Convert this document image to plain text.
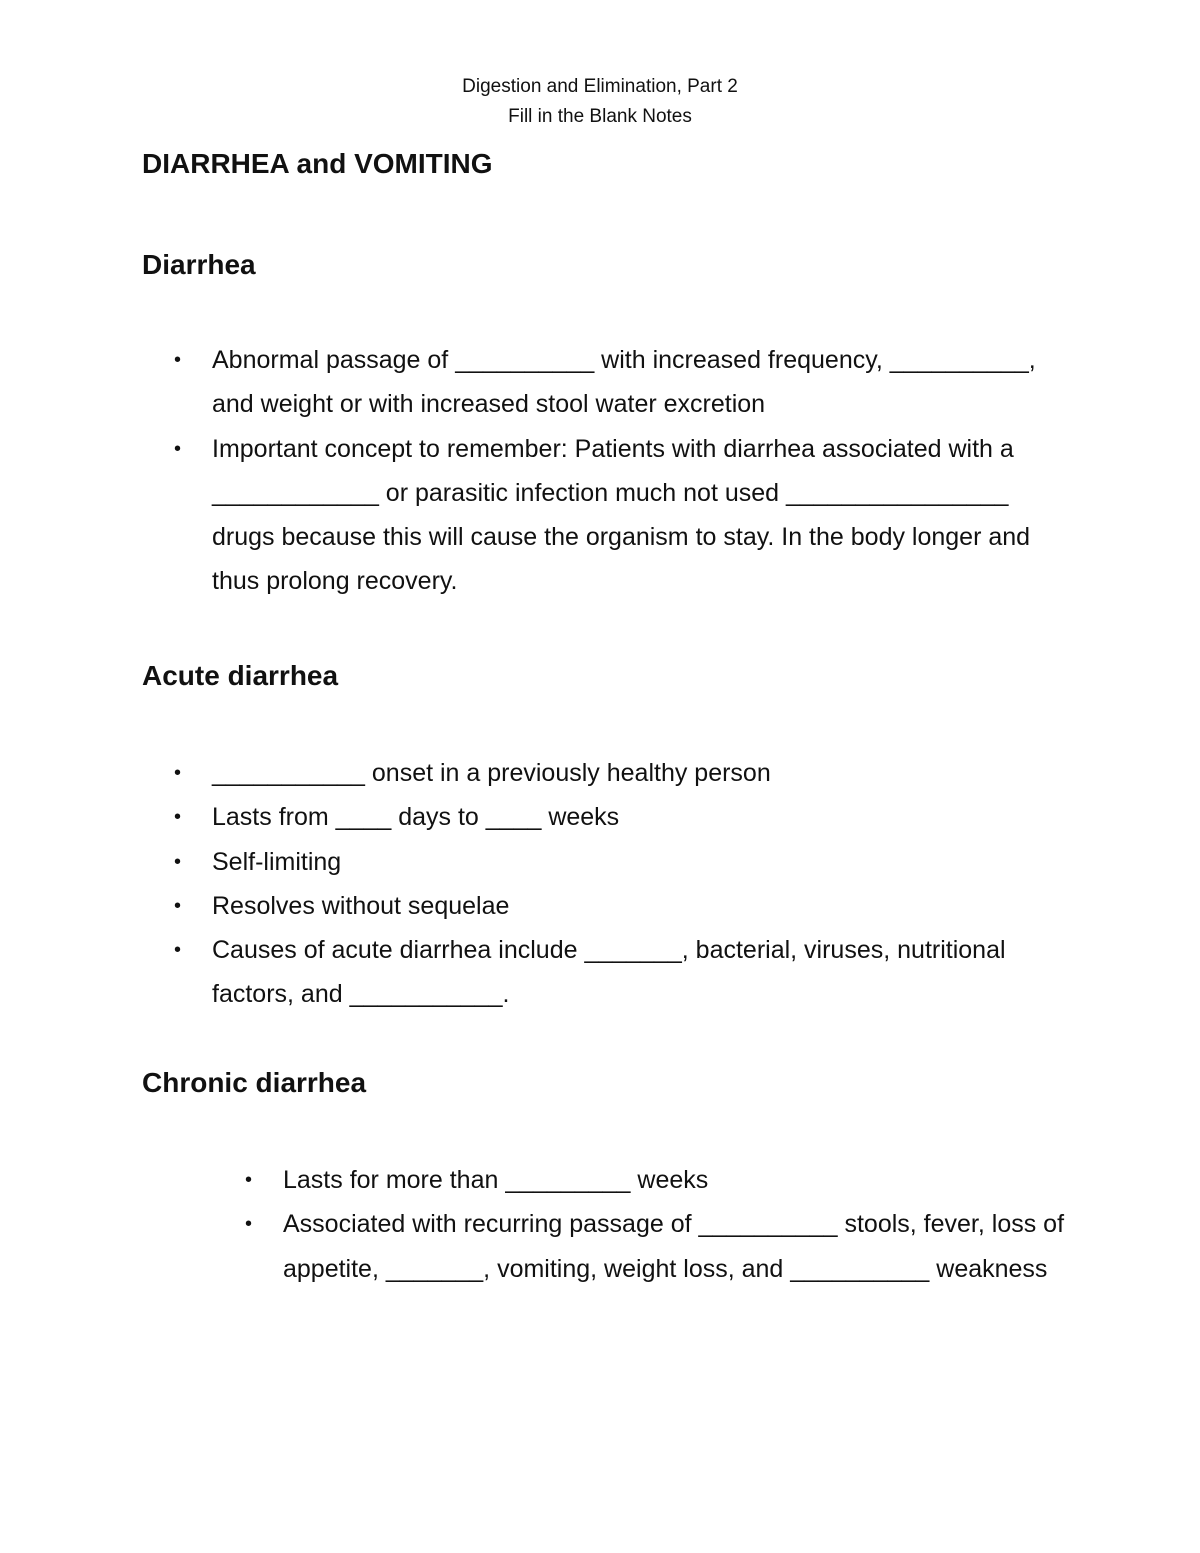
Digestion and Elimination, Part 2
Fill in the Blank Notes
DIARRHEA and VOMITING
Diarrhea
• Abnormal passage of __________ with increased frequency, __________, and weight or with increased stool water excretion
• Important concept to remember: Patients with diarrhea associated with a ____________ or parasitic infection much not used ________________ drugs because this will cause the organism to stay. In the body longer and thus prolong recovery.
Acute diarrhea
• ___________ onset in a previously healthy person
• Lasts from ____ days to ____ weeks
• Self-limiting
• Resolves without sequelae
• Causes of acute diarrhea include _______, bacterial, viruses, nutritional factors, and ___________.
Chronic diarrhea
• Lasts for more than _________ weeks
• Associated with recurring passage of __________ stools, fever, loss of appetite, _______, vomiting, weight loss, and __________ weakness
